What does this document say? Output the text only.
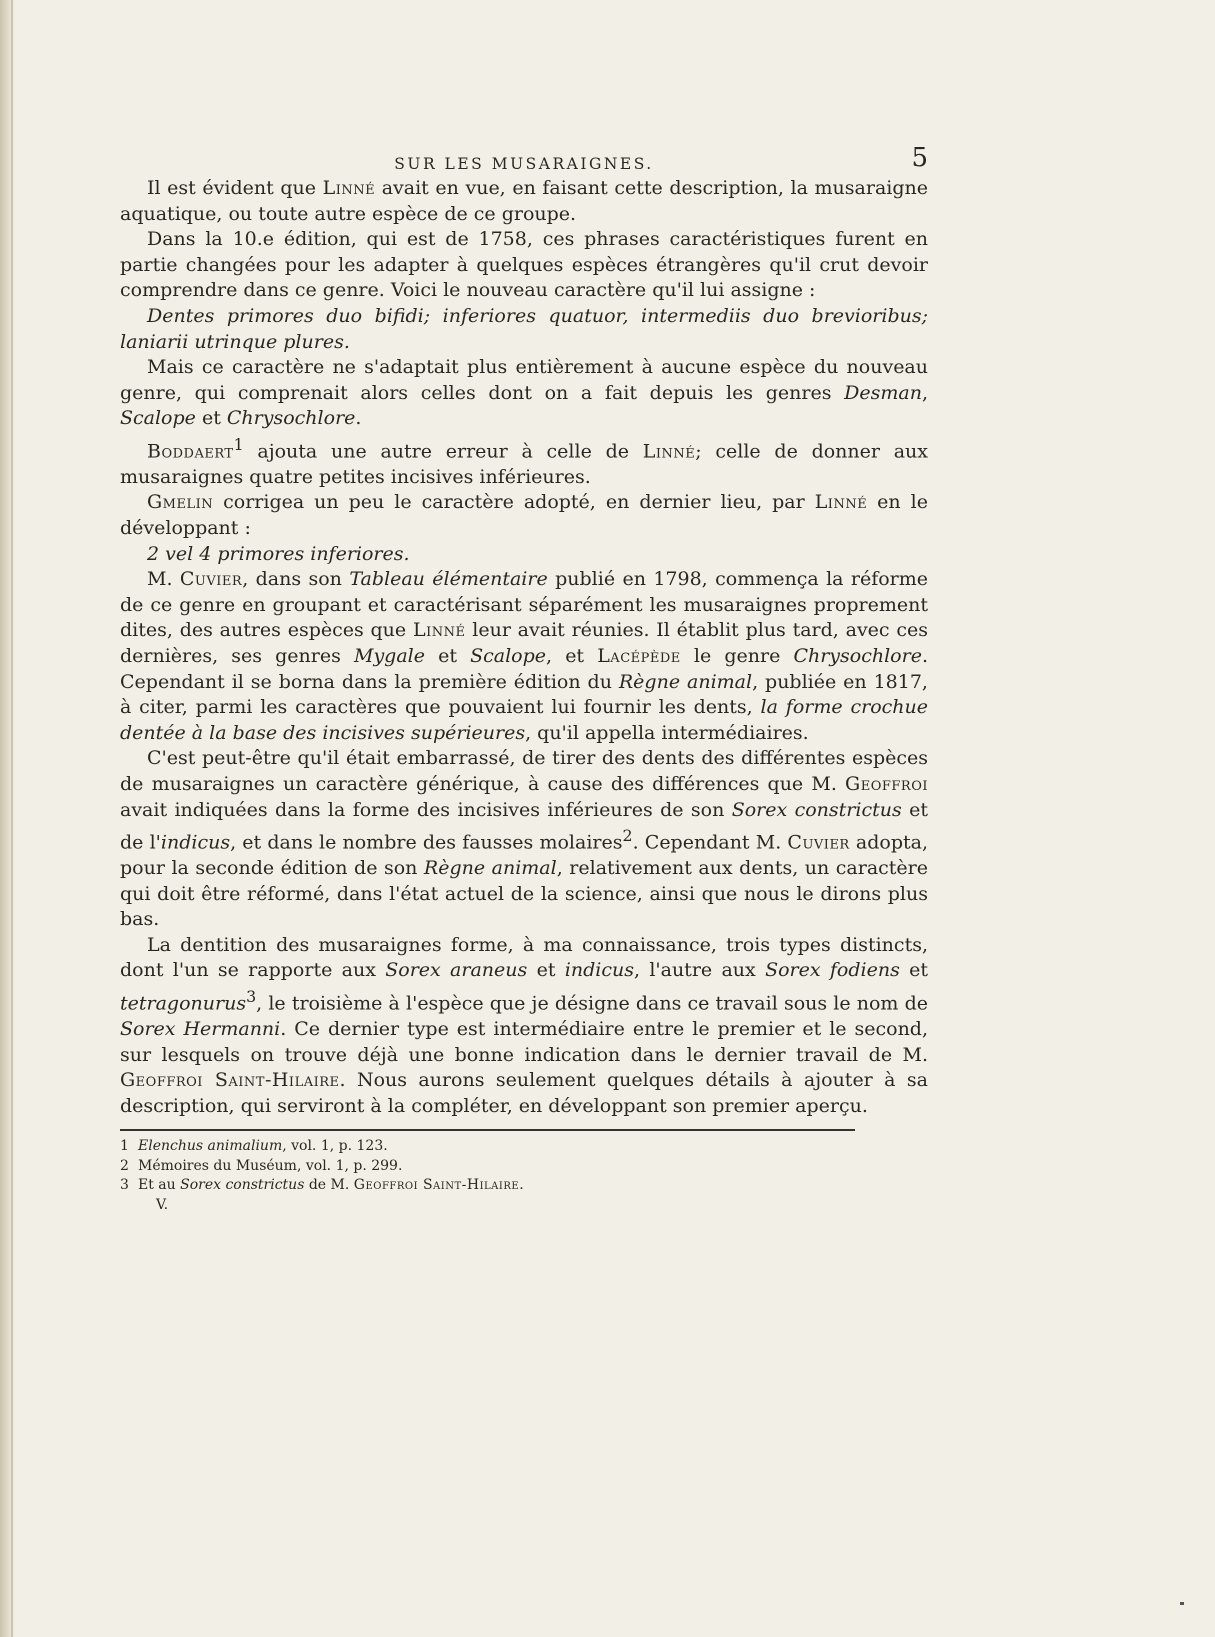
SUR LES MUSARAIGNES.	5

Il est évident que Linné avait en vue, en faisant cette description, la musaraigne aquatique, ou toute autre espèce de ce groupe.

Dans la 10.e édition, qui est de 1758, ces phrases caractéristiques furent en partie changées pour les adapter à quelques espèces étrangères qu'il crut devoir comprendre dans ce genre. Voici le nouveau caractère qu'il lui assigne :

Dentes primores duo bifidi; inferiores quatuor, intermediis duo brevioribus; laniarii utrinque plures.

Mais ce caractère ne s'adaptait plus entièrement à aucune espèce du nouveau genre, qui comprenait alors celles dont on a fait depuis les genres Desman, Scalope et Chrysochlore.

Boddaert$^1$ ajouta une autre erreur à celle de Linné; celle de donner aux musaraignes quatre petites incisives inférieures.

Gmelin corrigea un peu le caractère adopté, en dernier lieu, par Linné en le développant :

2 vel 4 primores inferiores.

M. Cuvier, dans son Tableau élémentaire publié en 1798, commença la réforme de ce genre en groupant et caractérisant séparément les musaraignes proprement dites, des autres espèces que Linné leur avait réunies. Il établit plus tard, avec ces dernières, ses genres Mygale et Scalope, et Lacépède le genre Chrysochlore. Cependant il se borna dans la première édition du Règne animal, publiée en 1817, à citer, parmi les caractères que pouvaient lui fournir les dents, la forme crochue dentée à la base des incisives supérieures, qu'il appella intermédiaires.

C'est peut-être qu'il était embarrassé, de tirer des dents des différentes espèces de musaraignes un caractère générique, à cause des différences que M. Geoffroi avait indiquées dans la forme des incisives inférieures de son Sorex constrictus et de l'indicus, et dans le nombre des fausses molaires$^2$. Cependant M. Cuvier adopta, pour la seconde édition de son Règne animal, relativement aux dents, un caractère qui doit être réformé, dans l'état actuel de la science, ainsi que nous le dirons plus bas.

La dentition des musaraignes forme, à ma connaissance, trois types distincts, dont l'un se rapporte aux Sorex araneus et indicus, l'autre aux Sorex fodiens et tetragonurus$^3$, le troisième à l'espèce que je désigne dans ce travail sous le nom de Sorex Hermanni. Ce dernier type est intermédiaire entre le premier et le second, sur lesquels on trouve déjà une bonne indication dans le dernier travail de M. Geoffroi Saint-Hilaire. Nous aurons seulement quelques détails à ajouter à sa description, qui serviront à la compléter, en développant son premier aperçu.

1 Elenchus animalium, vol. 1, p. 123.
2 Mémoires du Muséum, vol. 1, p. 299.
3 Et au Sorex constrictus de M. Geoffroi Saint-Hilaire.
V.
